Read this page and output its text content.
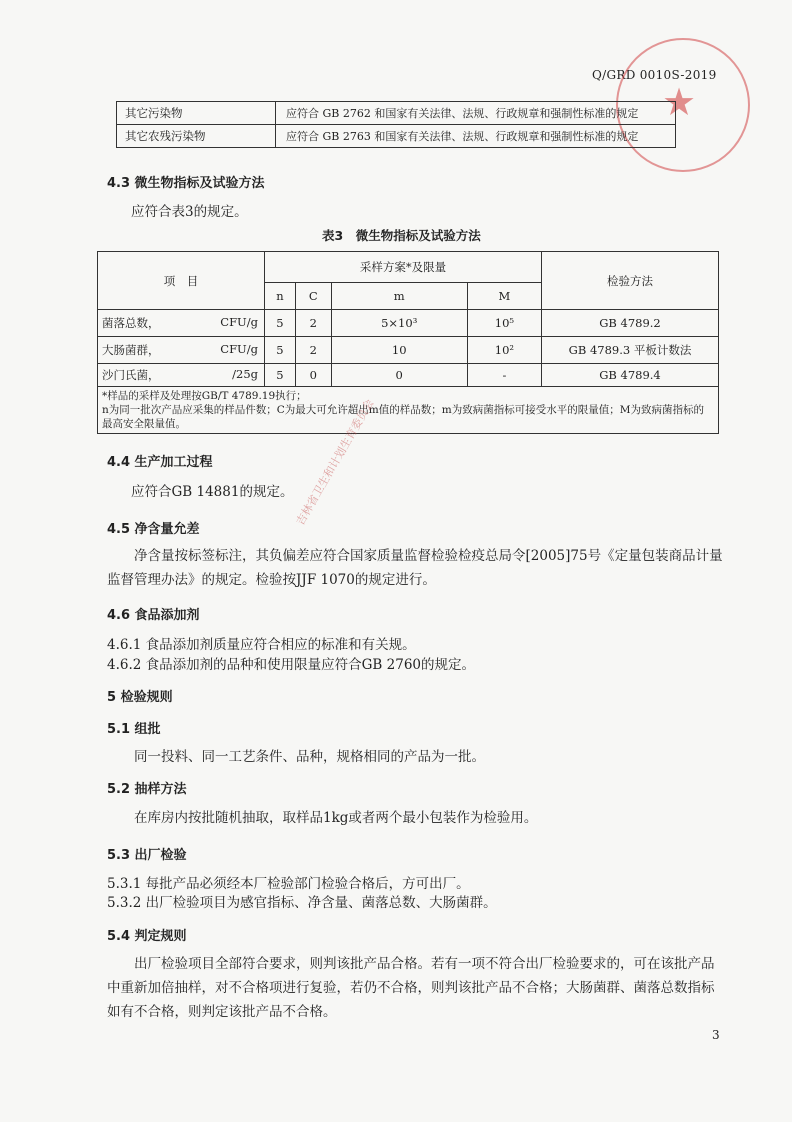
Q/GRD 0010S-2019
★
其它污染物	应符合 GB 2762 和国家有关法律、法规、行政规章和强制性标准的规定
其它农残污染物	应符合 GB 2763 和国家有关法律、法规、行政规章和强制性标准的规定
4.3 微生物指标及试验方法
应符合表3的规定。
表3　微生物指标及试验方法
项　目	采样方案*及限量				检验方法
	n	C	m	M	
菌落总数， CFU/g	5	2	5×10³	10⁵	GB 4789.2
大肠菌群， CFU/g	5	2	10	10²	GB 4789.3 平板计数法
沙门氏菌， /25g	5	0	0	-	GB 4789.4

*样品的采样及处理按GB/T 4789.19执行；
n为同一批次产品应采集的样品件数；C为最大可允许超出m值的样品数；m为致病菌指标可接受水平的限量值；M为致病菌指标的最高安全限量值。					
4.4 生产加工过程
应符合GB 14881的规定。
4.5 净含量允差
净含量按标签标注，其负偏差应符合国家质量监督检验检疫总局令[2005]75号《定量包装商品计量监督管理办法》的规定。检验按JJF 1070的规定进行。
4.6 食品添加剂
4.6.1 食品添加剂质量应符合相应的标准和有关规。
4.6.2 食品添加剂的品种和使用限量应符合GB 2760的规定。
5 检验规则
5.1 组批
同一投料、同一工艺条件、品种，规格相同的产品为一批。
5.2 抽样方法
在库房内按批随机抽取，取样品1kg或者两个最小包装作为检验用。
5.3 出厂检验
5.3.1 每批产品必须经本厂检验部门检验合格后，方可出厂。
5.3.2 出厂检验项目为感官指标、净含量、菌落总数、大肠菌群。
5.4 判定规则
出厂检验项目全部符合要求，则判该批产品合格。若有一项不符合出厂检验要求的，可在该批产品中重新加倍抽样，对不合格项进行复验，若仍不合格，则判该批产品不合格；大肠菌群、菌落总数指标如有不合格，则判定该批产品不合格。
吉林省卫生和计划生育委员会
3
